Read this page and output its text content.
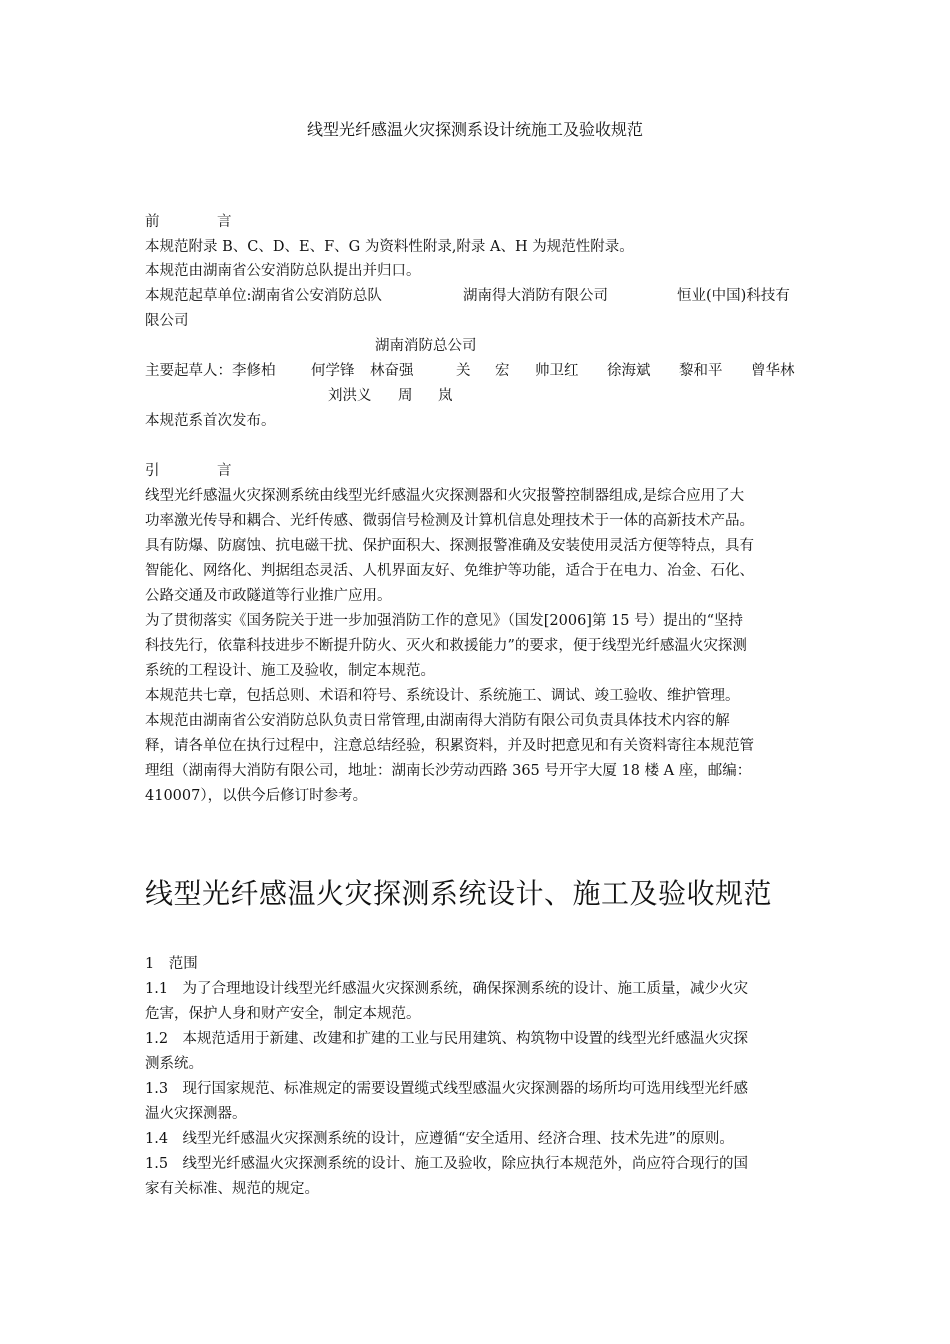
线型光纤感温火灾探测系设计统施工及验收规范
前	言
本规范附录 B、C、D、E、F、G 为资料性附录,附录 A、H 为规范性附录。
本规范由湖南省公安消防总队提出并归口。
本规范起草单位:湖南省公安消防总队	湖南得大消防有限公司	恒业(中国)科技有
限公司
湖南消防总公司
主要起草人：李修柏 何学锋 林奋强	关 宏 帅卫红 徐海斌 黎和平 曾华林
刘洪义 周 岚
本规范系首次发布。
引	言
线型光纤感温火灾探测系统由线型光纤感温火灾探测器和火灾报警控制器组成,是综合应用了大
功率激光传导和耦合、光纤传感、微弱信号检测及计算机信息处理技术于一体的高新技术产品。
具有防爆、防腐蚀、抗电磁干扰、保护面积大、探测报警准确及安装使用灵活方便等特点，具有
智能化、网络化、判据组态灵活、人机界面友好、免维护等功能，适合于在电力、冶金、石化、
公路交通及市政隧道等行业推广应用。
为了贯彻落实《国务院关于进一步加强消防工作的意见》（国发[2006]第 15 号）提出的“坚持
科技先行，依靠科技进步不断提升防火、灭火和救援能力”的要求，便于线型光纤感温火灾探测
系统的工程设计、施工及验收，制定本规范。
本规范共七章，包括总则、术语和符号、系统设计、系统施工、调试、竣工验收、维护管理。
本规范由湖南省公安消防总队负责日常管理,由湖南得大消防有限公司负责具体技术内容的解
释，请各单位在执行过程中，注意总结经验，积累资料，并及时把意见和有关资料寄往本规范管
理组（湖南得大消防有限公司，地址：湖南长沙劳动西路 365 号开宇大厦 18 楼 A 座，邮编：
410007），以供今后修订时参考。
线型光纤感温火灾探测系统设计、施工及验收规范
1　范围
1.1　为了合理地设计线型光纤感温火灾探测系统，确保探测系统的设计、施工质量，减少火灾
危害，保护人身和财产安全，制定本规范。
1.2　本规范适用于新建、改建和扩建的工业与民用建筑、构筑物中设置的线型光纤感温火灾探
测系统。
1.3　现行国家规范、标准规定的需要设置缆式线型感温火灾探测器的场所均可选用线型光纤感
温火灾探测器。
1.4　线型光纤感温火灾探测系统的设计，应遵循“安全适用、经济合理、技术先进”的原则。
1.5　线型光纤感温火灾探测系统的设计、施工及验收，除应执行本规范外，尚应符合现行的国
家有关标准、规范的规定。
